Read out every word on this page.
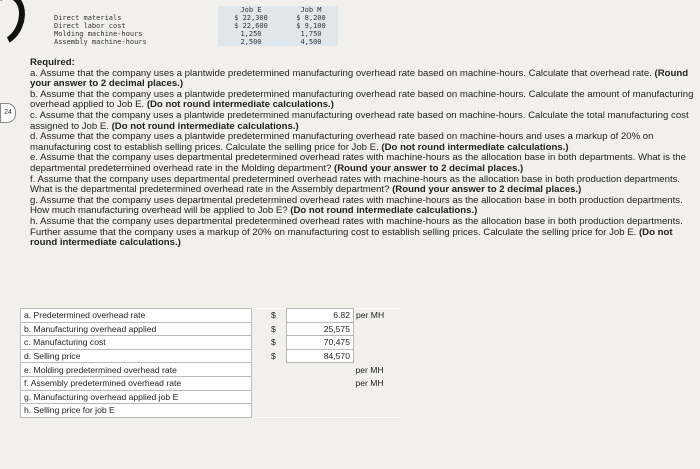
24
	Job E	Job M
Direct materials	$ 22,300	$ 8,200
Direct labor cost	$ 22,600	$ 9,100
Molding machine-hours	1,250	1,750
Assembly machine-hours	2,500	4,500
Required:

a. Assume that the company uses a plantwide predetermined manufacturing overhead rate based on machine-hours. Calculate that overhead rate. (Round your answer to 2 decimal places.)

b. Assume that the company uses a plantwide predetermined manufacturing overhead rate based on machine-hours. Calculate the amount of manufacturing overhead applied to Job E. (Do not round intermediate calculations.)

c. Assume that the company uses a plantwide predetermined manufacturing overhead rate based on machine-hours. Calculate the total manufacturing cost assigned to Job E. (Do not round intermediate calculations.)

d. Assume that the company uses a plantwide predetermined manufacturing overhead rate based on machine-hours and uses a markup of 20% on manufacturing cost to establish selling prices. Calculate the selling price for Job E. (Do not round intermediate calculations.)

e. Assume that the company uses departmental predetermined overhead rates with machine-hours as the allocation base in both departments. What is the departmental predetermined overhead rate in the Molding department? (Round your answer to 2 decimal places.)

f. Assume that the company uses departmental predetermined overhead rates with machine-hours as the allocation base in both production departments. What is the departmental predetermined overhead rate in the Assembly department? (Round your answer to 2 decimal places.)

g. Assume that the company uses departmental predetermined overhead rates with machine-hours as the allocation base in both production departments. How much manufacturing overhead will be applied to Job E? (Do not round intermediate calculations.)

h. Assume that the company uses departmental predetermined overhead rates with machine-hours as the allocation base in both production departments. Further assume that the company uses a markup of 20% on manufacturing cost to establish selling prices. Calculate the selling price for Job E. (Do not round intermediate calculations.)

a. Predetermined overhead rate		$	6.82	per MH
b. Manufacturing overhead applied		$	25,575	
c. Manufacturing cost		$	70,475	
d. Selling price		$	84,570	
e. Molding predetermined overhead rate				per MH
f. Assembly predetermined overhead rate				per MH
g. Manufacturing overhead applied job E				
h. Selling price for job E				
